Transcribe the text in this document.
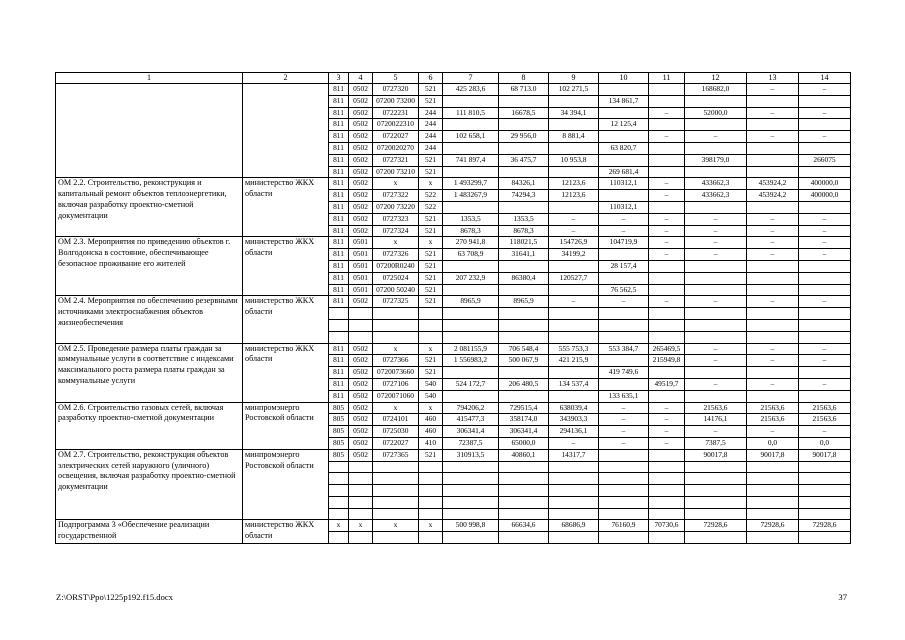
1	2	3	4	5	6	7	8	9	10	11	12	13	14
		811	0502	0727320	521	425 283,6	68 713.0	102 271,5			168682,0	–	–
		811	0502	07200 73200	521				134 861,7				
		811	0502	0722231	244	111 810,5	16678,5	34 394,1		–	52000,0	–	–
		811	0502	0720022310	244				12 125,4				
		811	0502	0722027	244	102 658,1	29 956,0	8 881,4		–	–	–	–
		811	0502	0720020270	244				63 820,7				
		811	0502	0727321	521	741 897,4	36 475,7	10 953,8			398179,0		266075
		811	0502	07200 73210	521				269 681,4				
ОМ 2.2. Строительство, реконструкция и капитальный ремонт объектов теплоэнергетики, включая разработку проектно-сметной документации	министерство ЖКХ области	811	0502	х	х	1 493299,7	84326,1	12123,6	110312,1	–	433662,3	453924,2	400000,0
		811	0502	0727322	522	1 483267,9	74294,3	12123,6		–	433662,3	453924,2	400000,0
		811	0502	07200 73220	522				110312,1				
		811	0502	0727323	521	1353,5	1353,5	–	–	–	–	–	–
		811	0502	0727324	521	8678,3	8678,3	–	–	–	–	–	–
ОМ 2.3. Мероприятия по приведению объектов г. Волгодонска в состояние, обеспечивающее безопасное проживание его жителей	министерство ЖКХ области	811	0501	х	х	270 941,8	118021,5	154726,9	104719,9	–	–	–	–
		811	0501	0727326	521	63 708,9	31641,1	34199,2		–	–	–	–
		811	0501	07200R0240	521				28 157,4				
		811	0501	0725024	521	207 232,9	86380,4	120527,7					
		811	0501	07200 50240	521				76 562,5				
ОМ 2.4. Мероприятия по обеспечению резервными источниками электроснабжения объектов жизнеобеспечения	министерство ЖКХ области	811	0502	0727325	521	8965,9	8965,9	–	–	–	–	–	–

ОМ 2.5. Проведение размера платы граждан за коммунальные услуги в соответствие с индексами максимального роста размера платы граждан за коммунальные услуги	министерство ЖКХ области	811	0502	х	х	2 081155,9	706 548,4	555 753,3	553 384,7	265469,5	–	–	–
		811	0502	0727366	521	1 556983,2	500 067,9	421 215,9		215949,8	–	–	–
		811	0502	0720073660	521				419 749,6				
		811	0502	0727106	540	524 172,7	206 480,5	134 537,4		49519,7	–	–	–
		811	0502	0720071060	540				133 635,1				
ОМ 2.6. Строительство газовых сетей, включая разработку проектно-сметной документации	минпромэнерго Ростовской области	805	0502	х	х	794206,2	729515,4	638039,4	–	–	21563,6	21563,6	21563,6
		805	0502	0724101	460	415477,3	358174,0	343903,3	–	–	14176,1	21563,6	21563,6
		805	0502	0725030	460	306341,4	306341,4	294136,1	–	–	–	–	–
		805	0502	0722027	410	72387,5	65000,0	–	–	–	7387,5	0,0	0,0
ОМ 2.7. Строительство, реконструкция объектов электрических сетей наружного (уличного) освещения, включая разработку проектно-сметной документации	минпромэнерго Ростовской области	805	0502	0727365	521	310913,5	40860,1	14317,7			90017,8	90017,8	90017,8

Подпрограмма 3 «Обеспечение реализации государственной	министерство ЖКХ области	х	х	х	х	500 998,8	66634,6	68686,9	76160,9	70730,6	72928,6	72928,6	72928,6

Z:\ORST\Ppo\1225p192.f15.docx	37
